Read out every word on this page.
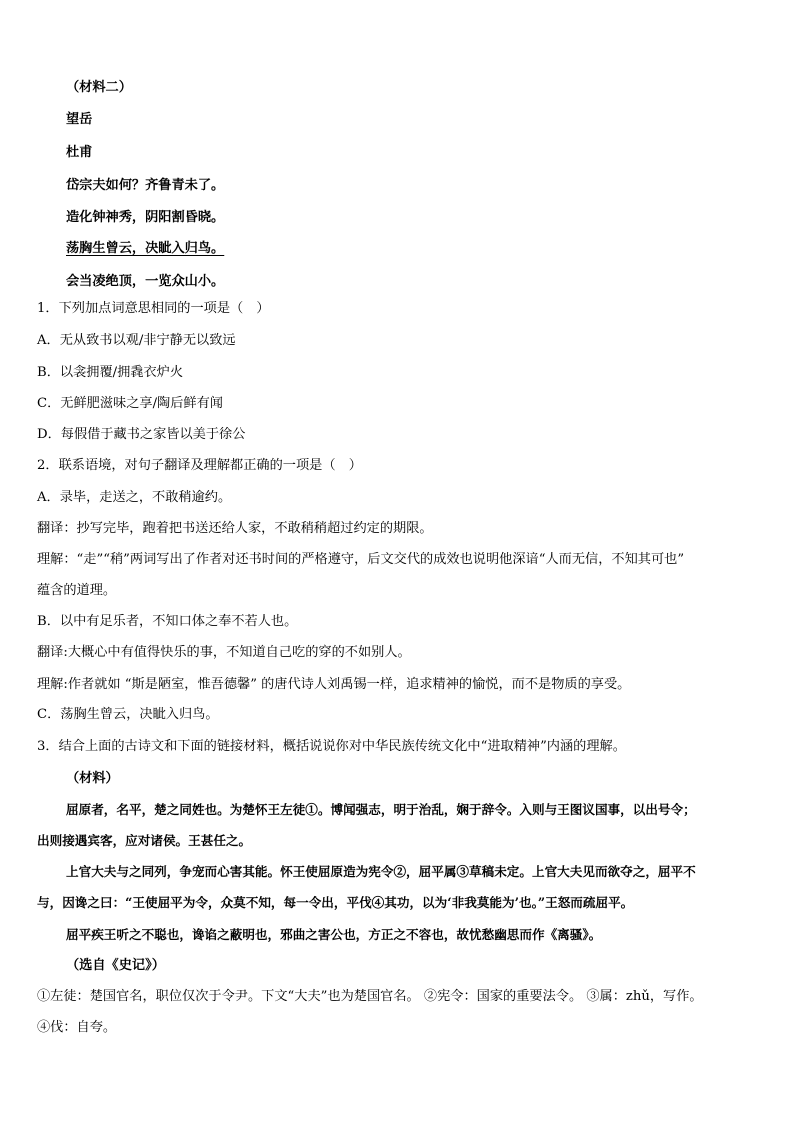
（材料二）
望岳
杜甫
岱宗夫如何？齐鲁青未了。
造化钟神秀，阴阳割昏晓。
荡胸生曾云，决眦入归鸟。
会当凌绝顶，一览众山小。
1．下列加点词意思相同的一项是（　）
A．无从致书以观/非宁静无以致远
B．以衾拥覆/拥毳衣炉火
C．无鲜肥滋味之享/陶后鲜有闻
D．每假借于藏书之家皆以美于徐公
2．联系语境，对句子翻译及理解都正确的一项是（　）
A．录毕，走送之，不敢稍逾约。
翻译：抄写完毕，跑着把书送还给人家，不敢稍稍超过约定的期限。
理解：“走”“稍”两词写出了作者对还书时间的严格遵守，后文交代的成效也说明他深谙“人而无信，不知其可也”
蕴含的道理。
B．以中有足乐者，不知口体之奉不若人也。
翻译:大概心中有值得快乐的事，不知道自己吃的穿的不如别人。
理解:作者就如 “斯是陋室，惟吾德馨” 的唐代诗人刘禹锡一样，追求精神的愉悦，而不是物质的享受。
C．荡胸生曾云，决眦入归鸟。
3．结合上面的古诗文和下面的链接材料，概括说说你对中华民族传统文化中“进取精神”内涵的理解。
（材料）
屈原者，名平，楚之同姓也。为楚怀王左徒①。博闻强志，明于治乱，娴于辞令。入则与王图议国事，以出号令；
出则接遇宾客，应对诸侯。王甚任之。
上官大夫与之同列，争宠而心害其能。怀王使屈原造为宪令②，屈平属③草稿未定。上官大夫见而欲夺之，屈平不
与，因谗之曰：“王使屈平为令，众莫不知，每一令出，平伐④其功，以为‘非我莫能为’也。”王怒而疏屈平。
屈平疾王听之不聪也，谗谄之蔽明也，邪曲之害公也，方正之不容也，故忧愁幽思而作《离骚》。
（选自《史记》）
①左徒：楚国官名，职位仅次于令尹。下文“大夫”也为楚国官名。 ②宪令：国家的重要法令。 ③属：zhǔ，写作。
④伐：自夸。
